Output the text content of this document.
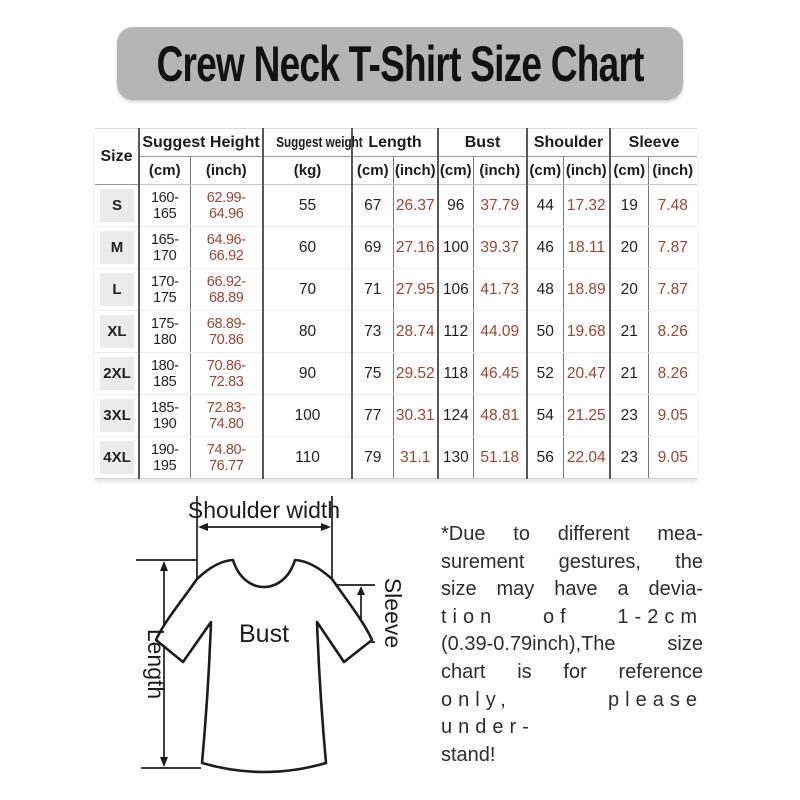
Crew Neck T-Shirt Size Chart
Size	Suggest Height		Suggest weight	Length		Bust		Shoulder		Sleeve	
	(cm)	(inch)	(kg)	(cm)	(inch)	(cm)	(inch)	(cm)	(inch)	(cm)	(inch)

S	160-165	62.99-64.96	55	67	26.37	96	37.79	44	17.32	19	7.48

M	165-170	64.96-66.92	60	69	27.16	100	39.37	46	18.11	20	7.87

L	170-175	66.92-68.89	70	71	27.95	106	41.73	48	18.89	20	7.87

XL	175-180	68.89-70.86	80	73	28.74	112	44.09	50	19.68	21	8.26

2XL	180-185	70.86-72.83	90	75	29.52	118	46.45	52	20.47	21	8.26

3XL	185-190	72.83-74.80	100	77	30.31	124	48.81	54	21.25	23	9.05

4XL	190-195	74.80-76.77	110	79	31.1	130	51.18	56	22.04	23	9.05
Shoulder width
Bust
Length
Sleeve
*Due to different mea-
surement gestures, the
size may have a devia-
tion of 1-2cm
(0.39-0.79inch),The size
chart is for reference
only, please under-
stand!
